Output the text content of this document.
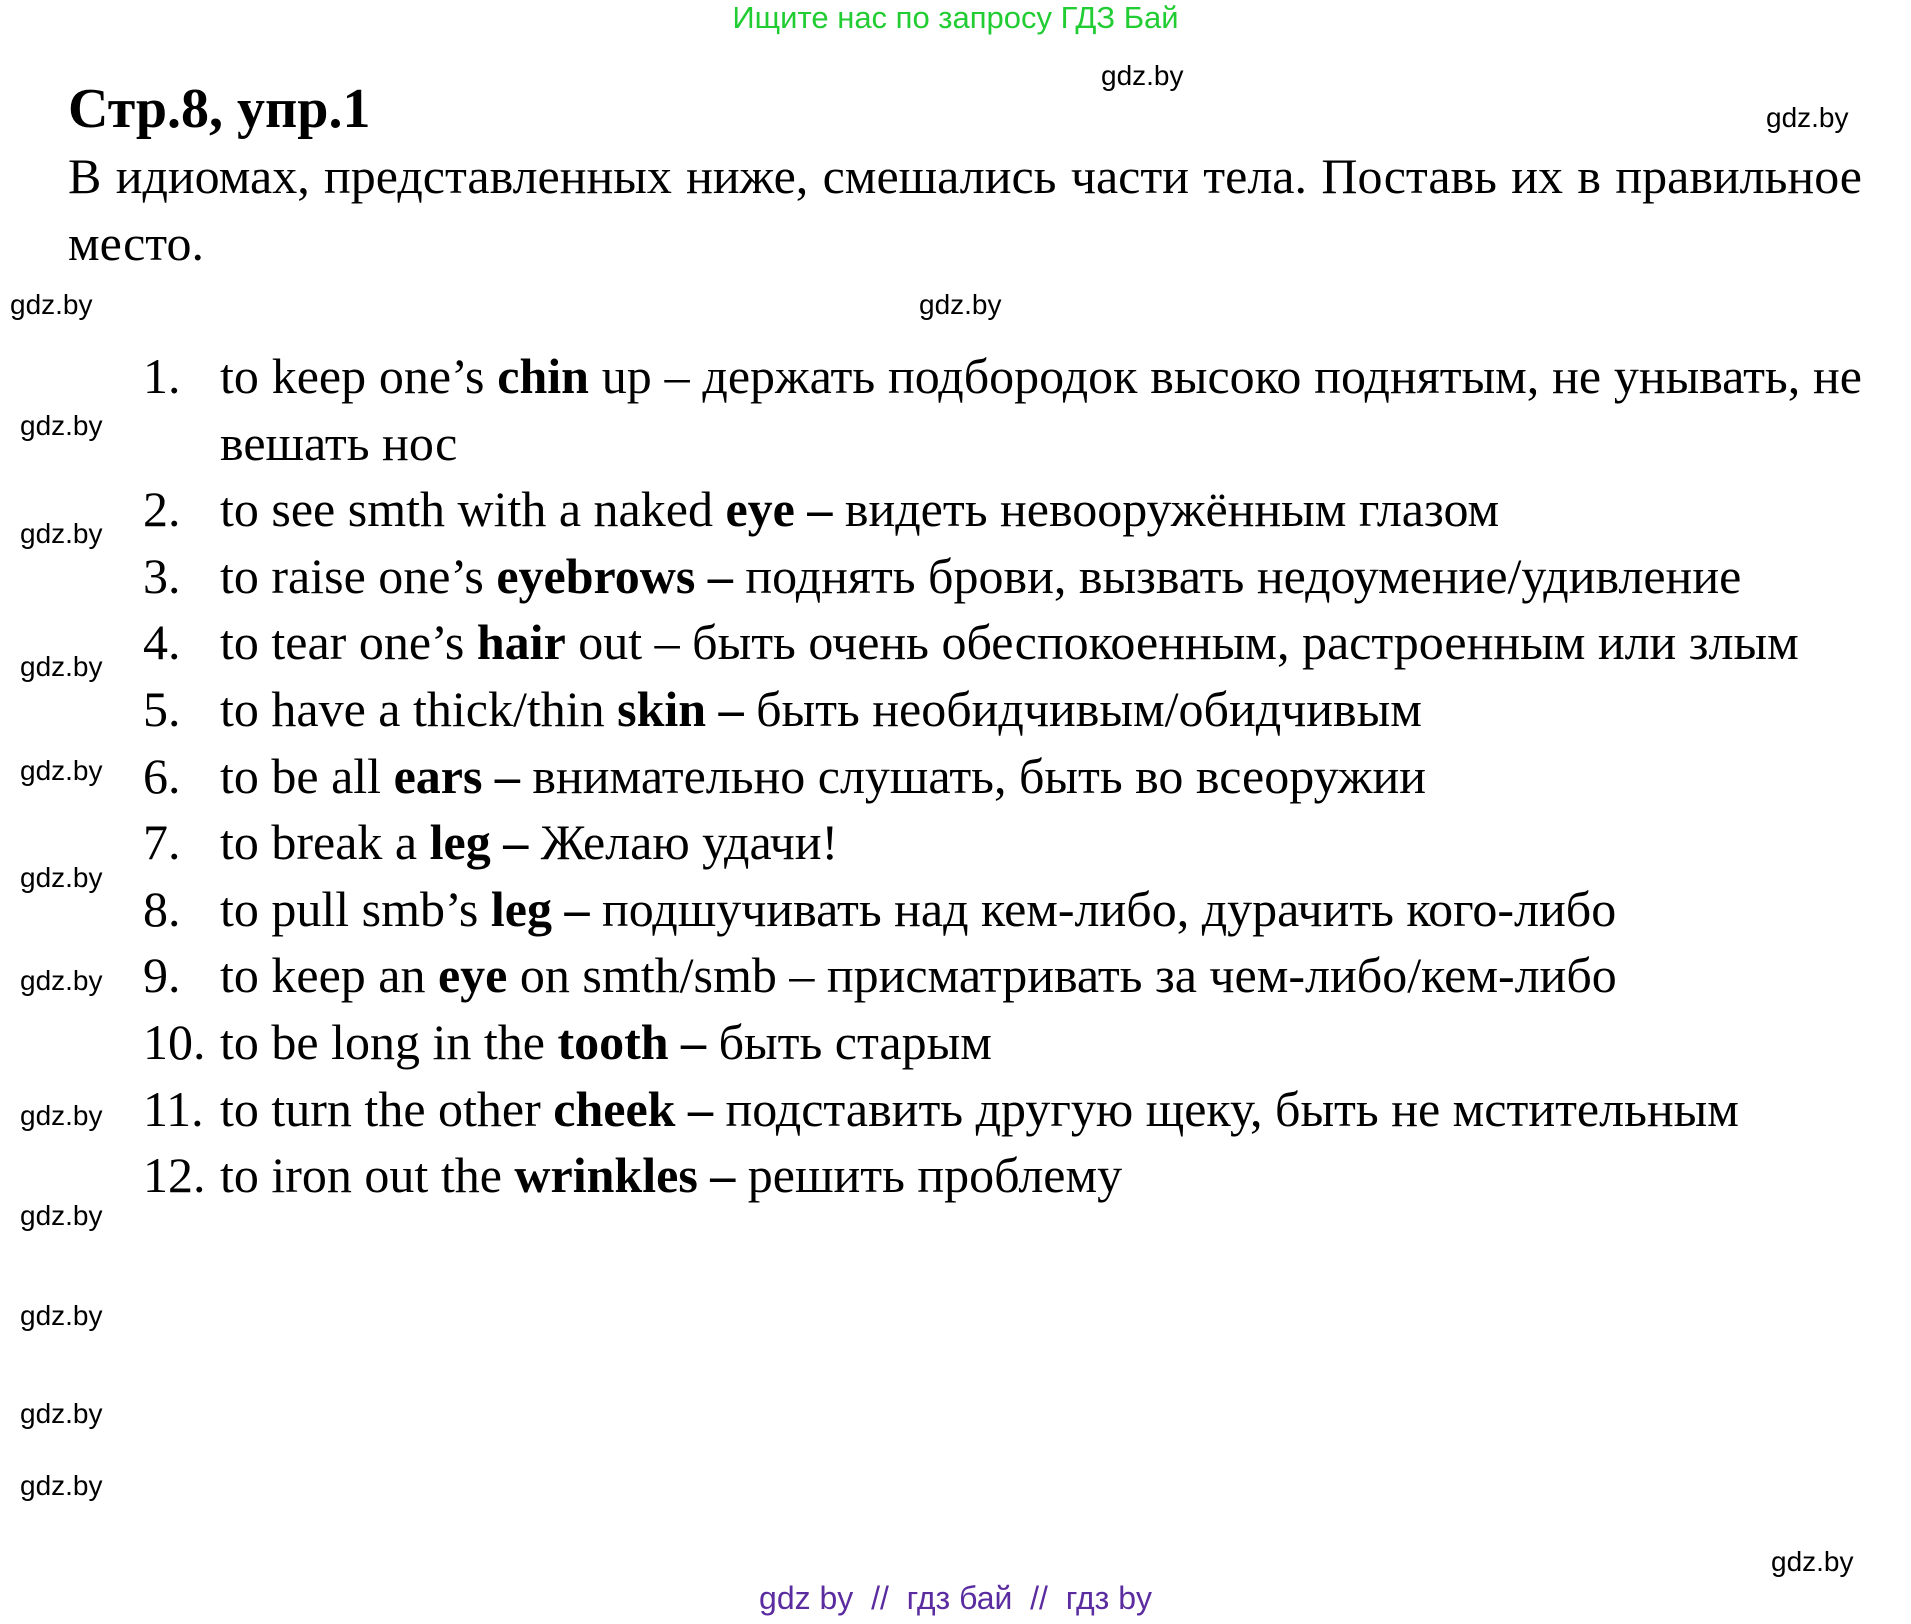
Ищите нас по запросу ГДЗ Бай
Стр.8, упр.1
В идиомах, представленных ниже, смешались части тела. Поставь их в правильное место.
1. to keep one’s chin up – держать подбородок высоко поднятым, не унывать, не вешать нос
2. to see smth with a naked eye – видеть невооружённым глазом
3. to raise one’s eyebrows – поднять брови, вызвать недоумение/удивление
4. to tear one’s hair out – быть очень обеспокоенным, растроенным или злым
5. to have a thick/thin skin – быть необидчивым/обидчивым
6. to be all ears – внимательно слушать, быть во всеоружии
7. to break a leg – Желаю удачи!
8. to pull smb’s leg – подшучивать над кем-либо, дурачить кого-либо
9. to keep an eye on smth/smb – присматривать за чем-либо/кем-либо
10. to be long in the tooth – быть старым
11. to turn the other cheek – подставить другую щеку, быть не мстительным
12. to iron out the wrinkles – решить проблему
gdz.by
gdz.by
gdz.by
gdz.by
gdz.by
gdz.by
gdz.by
gdz.by
gdz.by
gdz.by
gdz.by
gdz.by
gdz.by
gdz.by
gdz.by
gdz.by
gdz by  //  гдз бай  //  гдз by
